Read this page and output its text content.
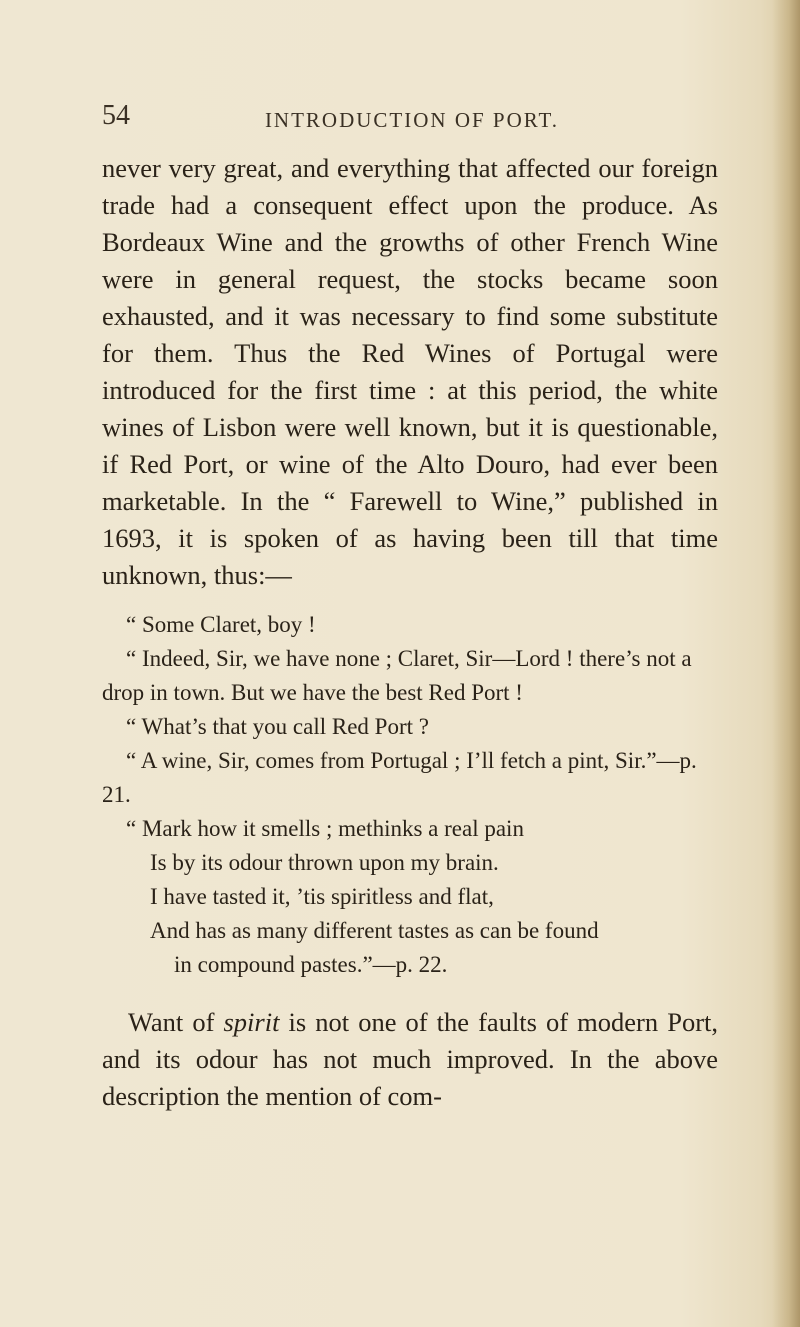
54	INTRODUCTION OF PORT.

never very great, and everything that affected our foreign trade had a consequent effect upon the produce. As Bordeaux Wine and the growths of other French Wine were in general request, the stocks became soon exhausted, and it was necessary to find some substitute for them. Thus the Red Wines of Portugal were introduced for the first time : at this period, the white wines of Lisbon were well known, but it is questionable, if Red Port, or wine of the Alto Douro, had ever been marketable. In the “ Farewell to Wine,” published in 1693, it is spoken of as having been till that time unknown, thus:—

“ Some Claret, boy !

“ Indeed, Sir, we have none ; Claret, Sir—Lord ! there’s not a drop in town. But we have the best Red Port !

“ What’s that you call Red Port ?

“ A wine, Sir, comes from Portugal ; I’ll fetch a pint, Sir.”—p. 21.

“ Mark how it smells ; methinks a real pain

Is by its odour thrown upon my brain.

I have tasted it, ’tis spiritless and flat,

And has as many different tastes as can be found

in compound pastes.”—p. 22.

Want of spirit is not one of the faults of modern Port, and its odour has not much improved. In the above description the mention of com-
